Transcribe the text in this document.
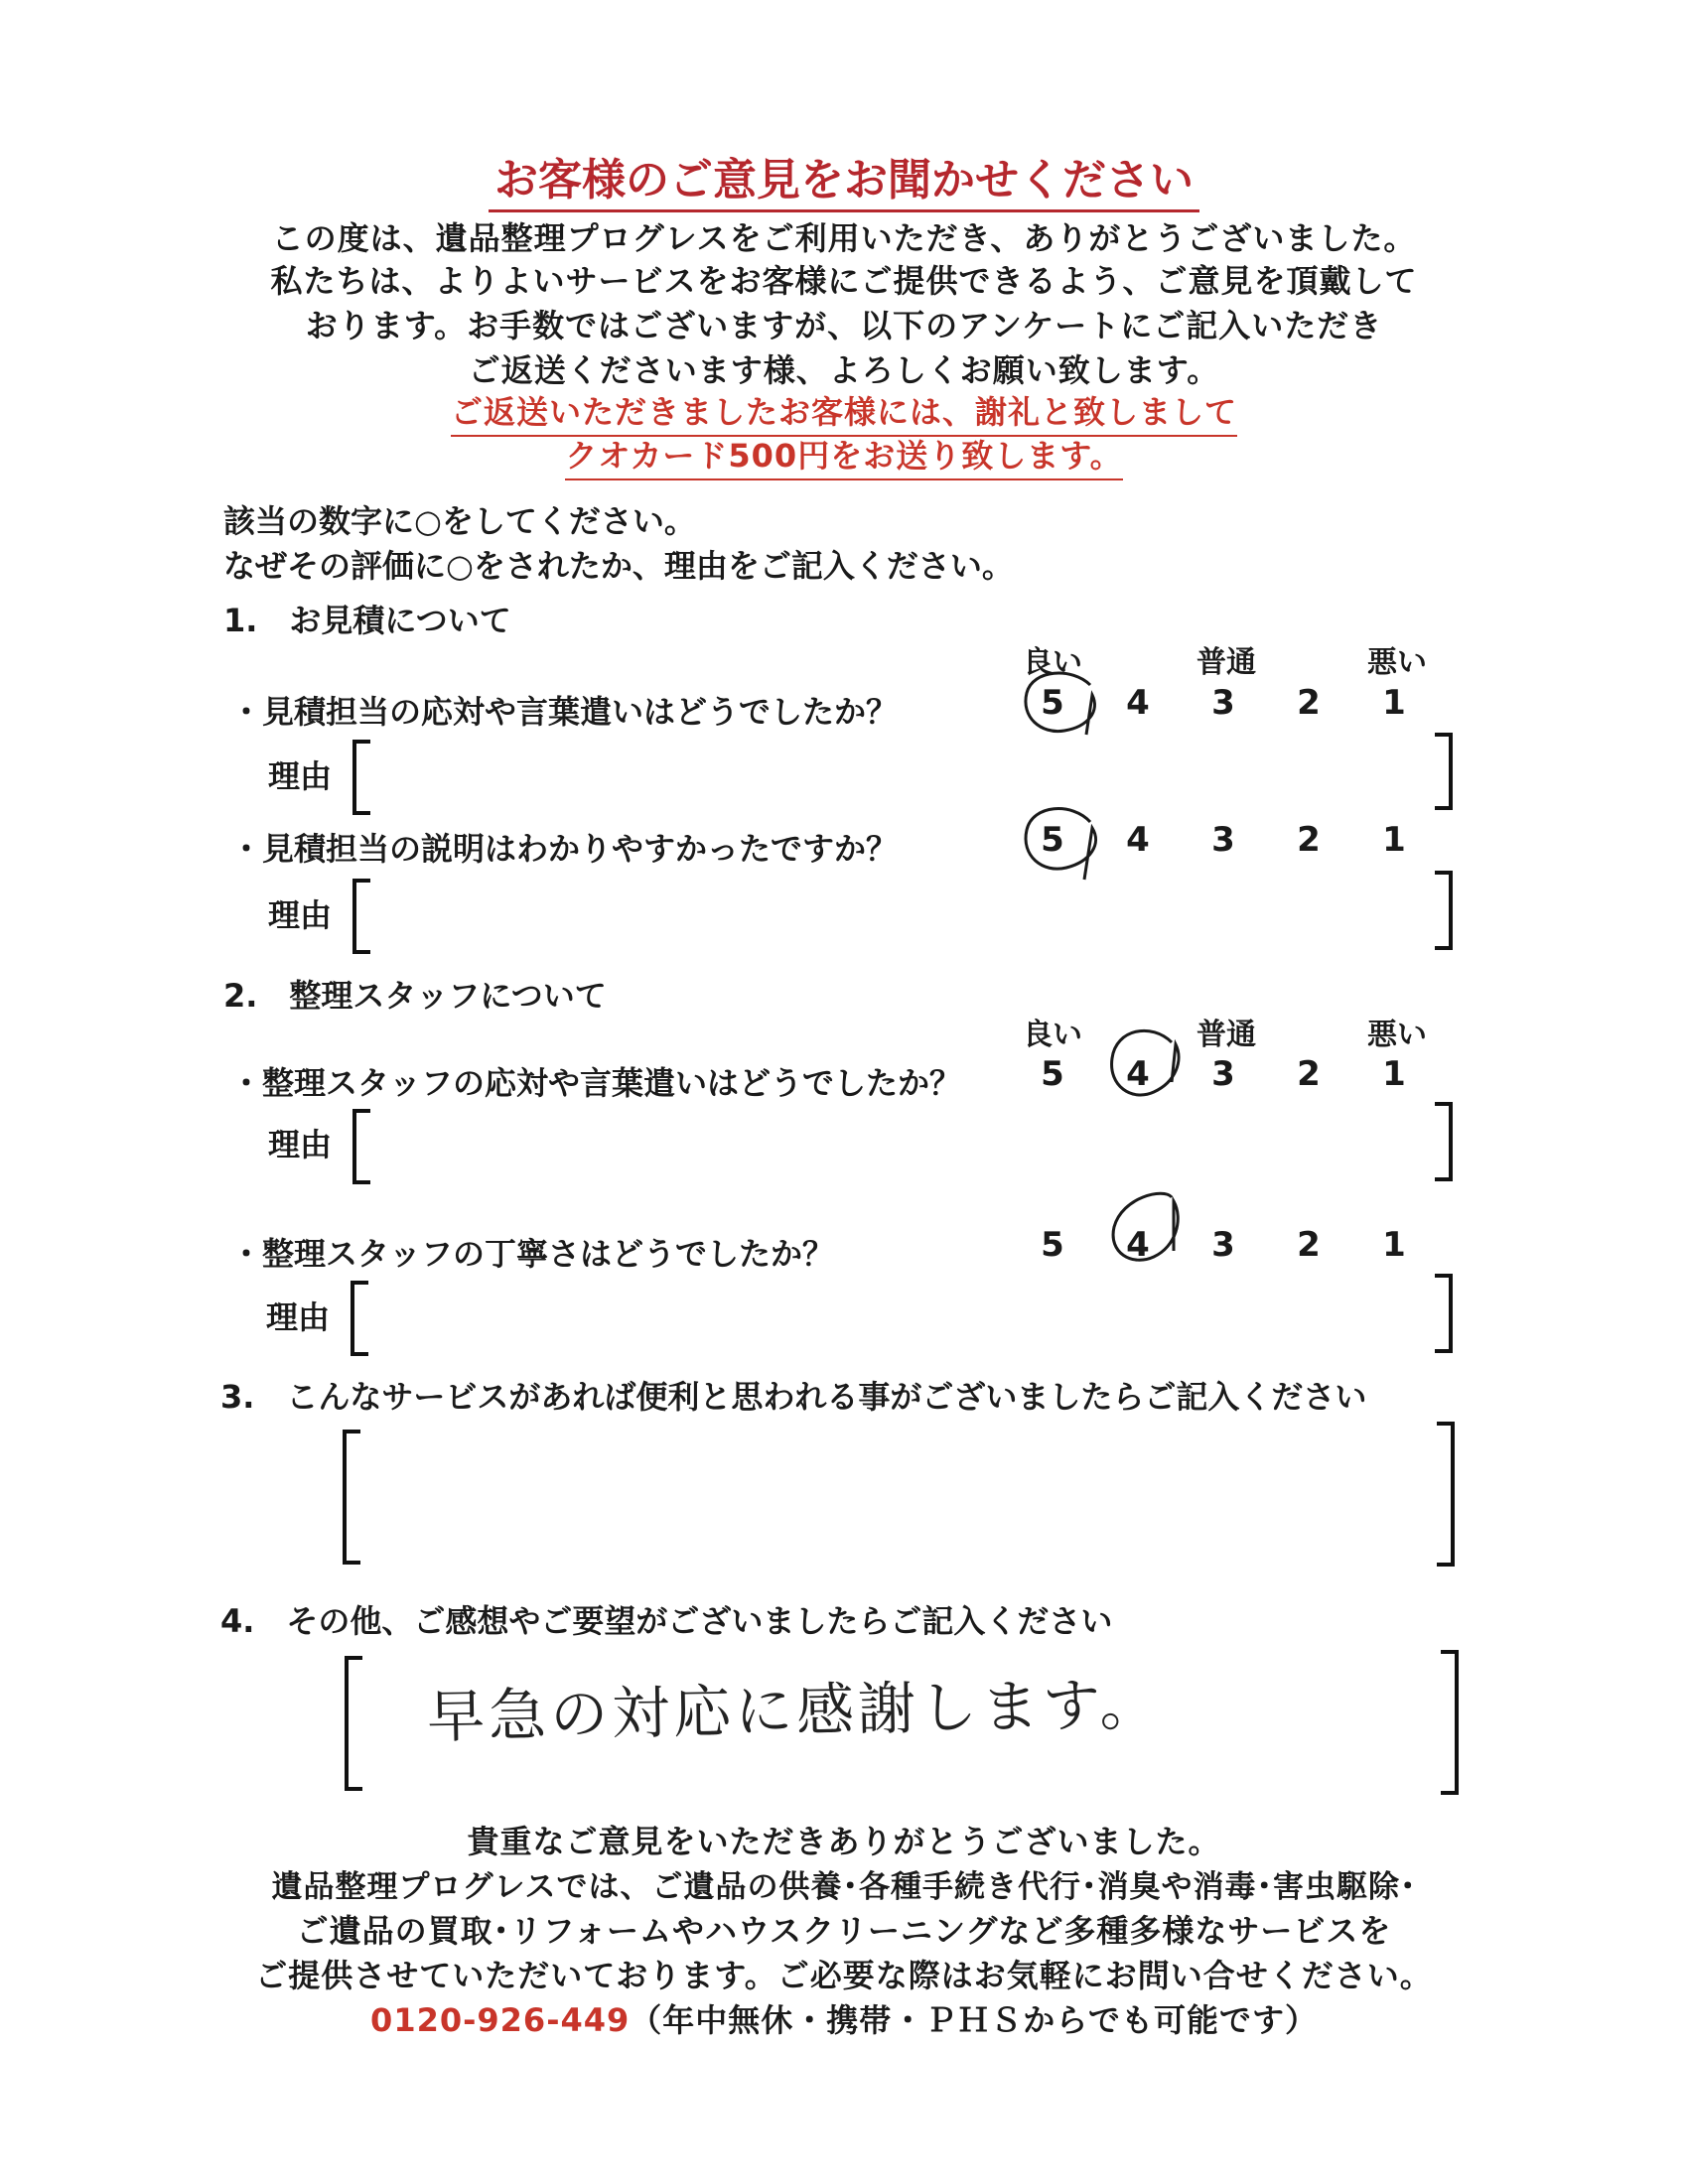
お客様のご意見をお聞かせください
この度は、遺品整理プログレスをご利用いただき、ありがとうございました。
私たちは、よりよいサービスをお客様にご提供できるよう、ご意見を頂戴して
おります。お手数ではございますが、以下のアンケートにご記入いただき
ご返送くださいます様、よろしくお願い致します。
ご返送いただきましたお客様には、謝礼と致しまして
クオカード500円をお送り致します。
該当の数字に○をしてください。
なぜその評価に○をされたか、理由をご記入ください。
1.　お見積について
良い	普通	悪い
・見積担当の応対や言葉遣いはどうでしたか？	5	4	3	2	1
理由
・見積担当の説明はわかりやすかったですか？	5	4	3	2	1
理由
2.　整理スタッフについて
良い	普通	悪い
・整理スタッフの応対や言葉遣いはどうでしたか？	5	4	3	2	1
理由
・整理スタッフの丁寧さはどうでしたか？	5	4	3	2	1
理由
3.　こんなサービスがあれば便利と思われる事がございましたらご記入ください
4.　その他、ご感想やご要望がございましたらご記入ください
早急の対応に感謝します。
貴重なご意見をいただきありがとうございました。
遺品整理プログレスでは、ご遺品の供養･各種手続き代行･消臭や消毒･害虫駆除･
ご遺品の買取･リフォームやハウスクリーニングなど多種多様なサービスを
ご提供させていただいております。ご必要な際はお気軽にお問い合せください。
0120-926-449（年中無休・携帯・ＰＨＳからでも可能です）
